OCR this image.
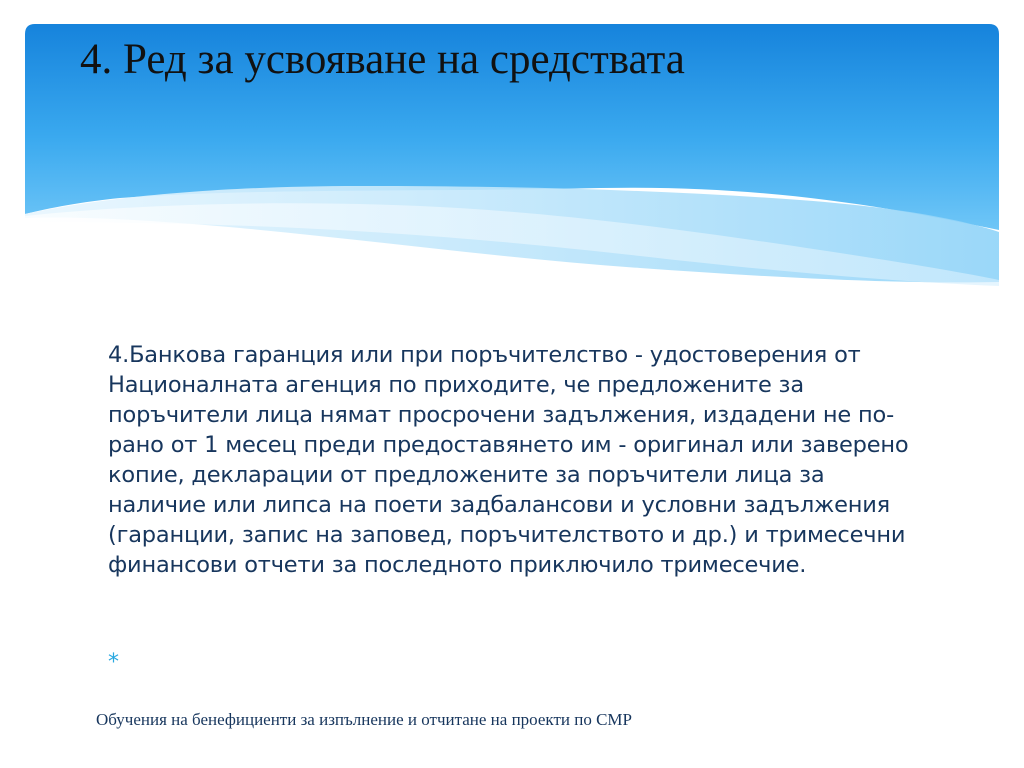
4. Ред за усвояване на средствата

4.Банкова гаранция или при поръчителство - удостоверения от Националната агенция по приходите, че предложените за поръчители лица нямат просрочени задължения, издадени не по-рано от 1 месец преди предоставянето им - оригинал или заверено копие, декларации от предложените за поръчители лица за наличие или липса на поети задбалансови и условни задължения (гаранции, запис на заповед, поръчителството и др.) и тримесечни финансови отчети за последното приключило тримесечие.

*

Обучения на бенефициенти за изпълнение и отчитане на проекти по СМР
